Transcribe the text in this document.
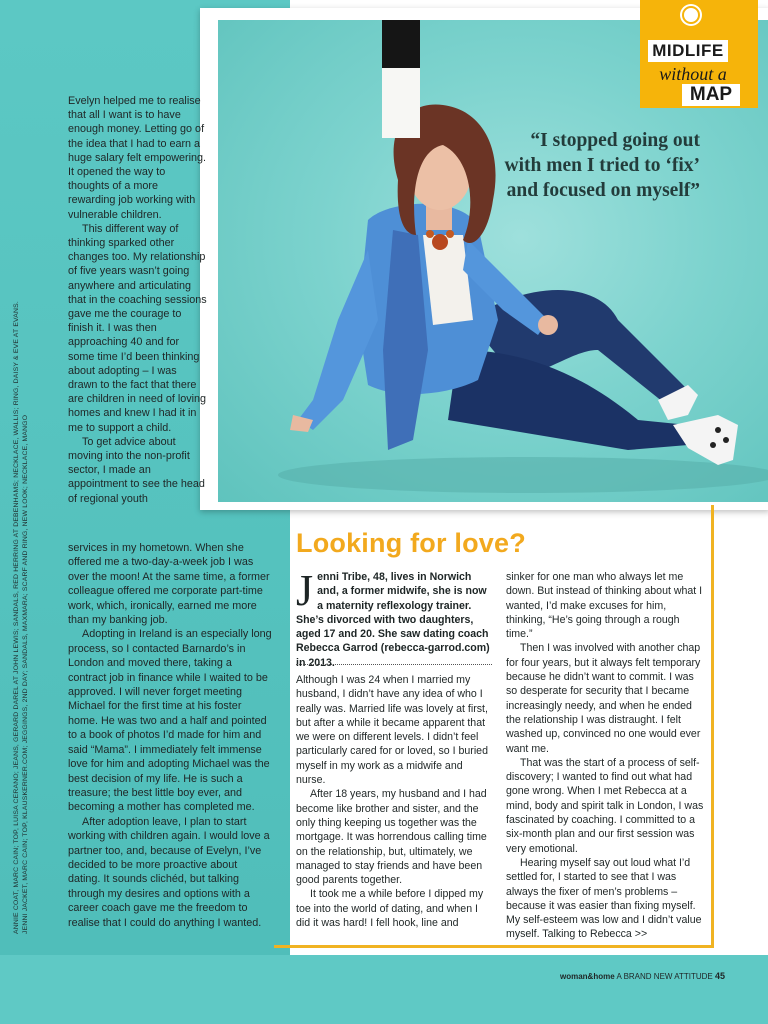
MIDLIFE
without a
MAP
“I stopped going out with men I tried to ‘fix’ and focused on myself”
ANNIE COAT, MARC CAIN; TOP, LUISA CERANO; JEANS, GERARD DAREL AT JOHN LEWIS; SANDALS, RED HERRING AT DEBENHAMS; NECKLACE, WALLIS; RING, DAISY & EVE AT EVANS. JENNI JACKET, MARC CAIN; TOP, KLAUSKERNER.COM; JEGGINGS, 2ND DAY; SANDALS, MAXMARA; SCARF AND RING, NEW LOOK; NECKLACE, MANGO

Evelyn helped me to realise that all I want is to have enough money. Letting go of the idea that I had to earn a huge salary felt empowering. It opened the way to thoughts of a more rewarding job working with vulnerable children.

This different way of thinking sparked other changes too. My relationship of five years wasn’t going anywhere and articulating that in the coaching sessions gave me the courage to finish it. I was then approaching 40 and for some time I’d been thinking about adopting – I was drawn to the fact that there are children in need of loving homes and knew I had it in me to support a child.

To get advice about moving into the non-profit sector, I made an appointment to see the head of regional youth

services in my hometown. When she offered me a two-day-a-week job I was over the moon! At the same time, a former colleague offered me corporate part-time work, which, ironically, earned me more than my banking job.

Adopting in Ireland is an especially long process, so I contacted Barnardo’s in London and moved there, taking a contract job in finance while I waited to be approved. I will never forget meeting Michael for the first time at his foster home. He was two and a half and pointed to a book of photos I’d made for him and said “Mama”. I immediately felt immense love for him and adopting Michael was the best decision of my life. He is such a treasure; the best little boy ever, and becoming a mother has completed me.

After adoption leave, I plan to start working with children again. I would love a partner too, and, because of Evelyn, I’ve decided to be more proactive about dating. It sounds clichéd, but talking through my desires and options with a career coach gave me the freedom to realise that I could do anything I wanted.

Looking for love?
Jenni Tribe, 48, lives in Norwich and, a former midwife, she is now a maternity reflexology trainer. She’s divorced with two daughters, aged 17 and 20. She saw dating coach Rebecca Garrod (rebecca-garrod.com) in 2013.

Although I was 24 when I married my husband, I didn’t have any idea of who I really was. Married life was lovely at first, but after a while it became apparent that we were on different levels. I didn’t feel particularly cared for or loved, so I buried myself in my work as a midwife and nurse.

After 18 years, my husband and I had become like brother and sister, and the only thing keeping us together was the mortgage. It was horrendous calling time on the relationship, but, ultimately, we managed to stay friends and have been good parents together.

It took me a while before I dipped my toe into the world of dating, and when I did it was hard! I fell hook, line and

sinker for one man who always let me down. But instead of thinking about what I wanted, I’d make excuses for him, thinking, “He’s going through a rough time.”

Then I was involved with another chap for four years, but it always felt temporary because he didn’t want to commit. I was so desperate for security that I became increasingly needy, and when he ended the relationship I was distraught. I felt washed up, convinced no one would ever want me.

That was the start of a process of self-discovery; I wanted to find out what had gone wrong. When I met Rebecca at a mind, body and spirit talk in London, I was fascinated by coaching. I committed to a six-month plan and our first session was very emotional.

Hearing myself say out loud what I’d settled for, I started to see that I was always the fixer of men’s problems – because it was easier than fixing myself. My self-esteem was low and I didn’t value myself. Talking to Rebecca >>

woman&home A BRAND NEW ATTITUDE 45
